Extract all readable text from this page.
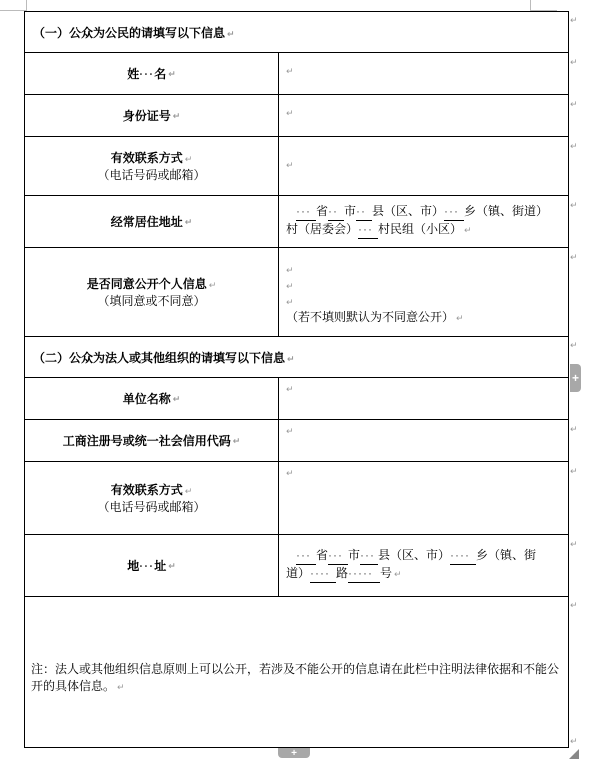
（一）公众为公民的请填写以下信息 ↵
姓 ··· 名 ↵	↵
身份证号 ↵	↵
有效联系方式 ↵
（电话号码或邮箱）
↵
经常居住地址 ↵
··· 省·· 市·· 县（区、市）··· 乡（镇、街道）
村（居委会）··· 村民组（小区） ↵
是否同意公开个人信息 ↵
（填同意或不同意）
↵
↵
↵
（若不填则默认为不同意公开） ↵
（二）公众为法人或其他组织的请填写以下信息 ↵
单位名称 ↵
↵
工商注册号或统一社会信用代码 ↵
↵
有效联系方式 ↵
（电话号码或邮箱）
↵
地 ··· 址 ↵
··· 省··· 市··· 县（区、市）···· 乡（镇、街
道）···· 路····· 号 ↵
注：法人或其他组织信息原则上可以公开，若涉及不能公开的信息请在此栏中注明法律依据和不能公开的具体信息。 ↵
↵
↵
↵
↵
↵
↵
↵
↵
↵
↵
↵
↵
+
+
